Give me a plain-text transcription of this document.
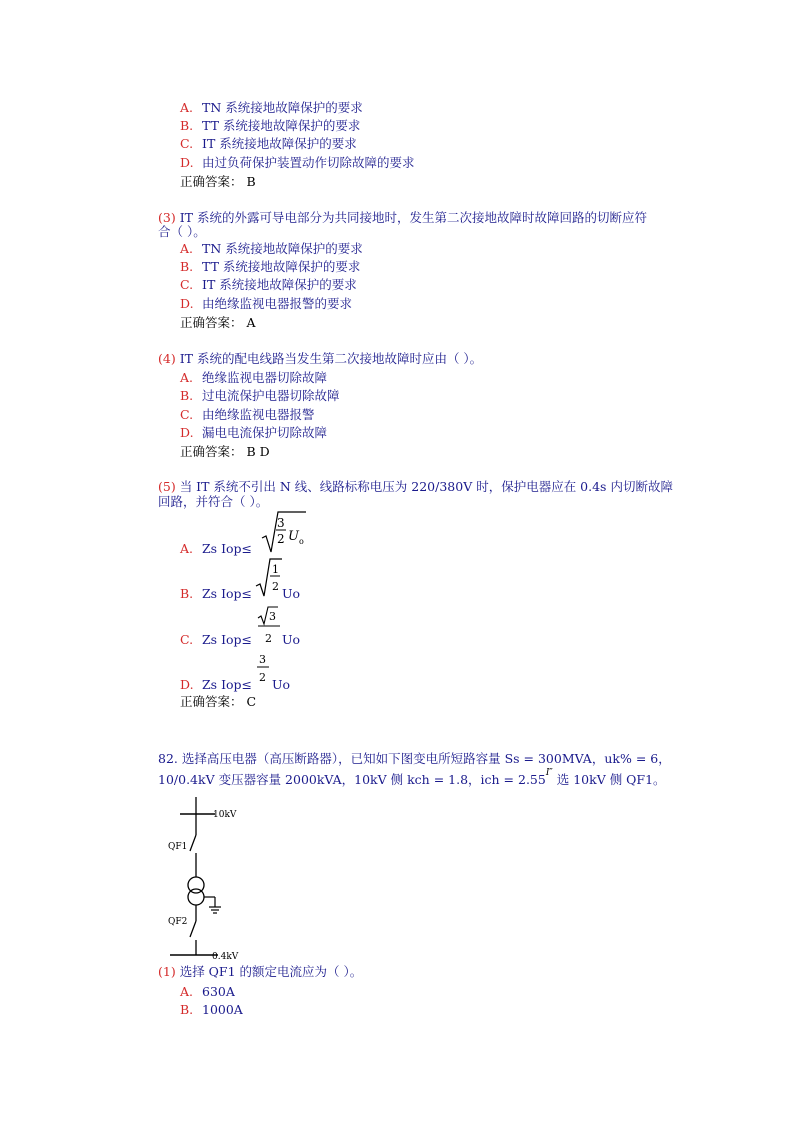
A. TN 系统接地故障保护的要求
B. TT 系统接地故障保护的要求
C. IT 系统接地故障保护的要求
D. 由过负荷保护装置动作切除故障的要求
正确答案： B
(3) IT 系统的外露可导电部分为共同接地时，发生第二次接地故障时故障回路的切断应符
合（ ）。
A. TN 系统接地故障保护的要求
B. TT 系统接地故障保护的要求
C. IT 系统接地故障保护的要求
D. 由绝缘监视电器报警的要求
正确答案： A
(4) IT 系统的配电线路当发生第二次接地故障时应由（ ）。
A. 绝缘监视电器切除故障
B. 过电流保护电器切除故障
C. 由绝缘监视电器报警
D. 漏电电流保护切除故障
正确答案： B D
(5) 当 IT 系统不引出 N 线、线路标称电压为 220/380V 时，保护电器应在 0.4s 内切断故障
回路，并符合（ ）。
A. Zs Iop≤
3
2 U o
B. Zs Iop≤
1
2 Uo
C. Zs Iop≤
3
2 Uo
D. Zs Iop≤
3
2 Uo
正确答案： C
82. 选择高压电器（高压断路器），已知如下图变电所短路容量 Ss = 300MVA，uk% = 6，
10/0.4kV 变压器容量 2000kVA，10kV 侧 kch = 1.8，ich = $2.55^{I''}$ 选 10kV 侧 QF1。
10kV
QF1
QF2
0.4kV
(1) 选择 QF1 的额定电流应为（ ）。
A. 630A
B. 1000A
